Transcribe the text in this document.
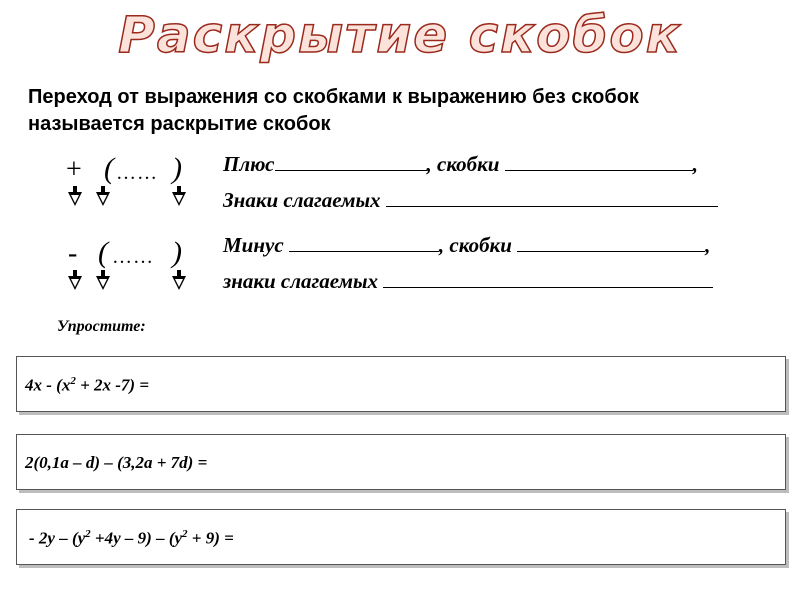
Раскрытие скобок
Переход от выражения со скобками к выражению без скобок называется раскрытие скобок
+ ( …… ) Плюс	, скобки	,
Знаки слагаемых
- ( …… ) Минус	, скобки	,
знаки слагаемых
Упростите:
$4х - (х^2 + 2х$ -7) =
2(0,1а – d) – (3,2а + 7d) =
- $2у - (у^2 +4у - 9) - (у^2 + 9)$ =
